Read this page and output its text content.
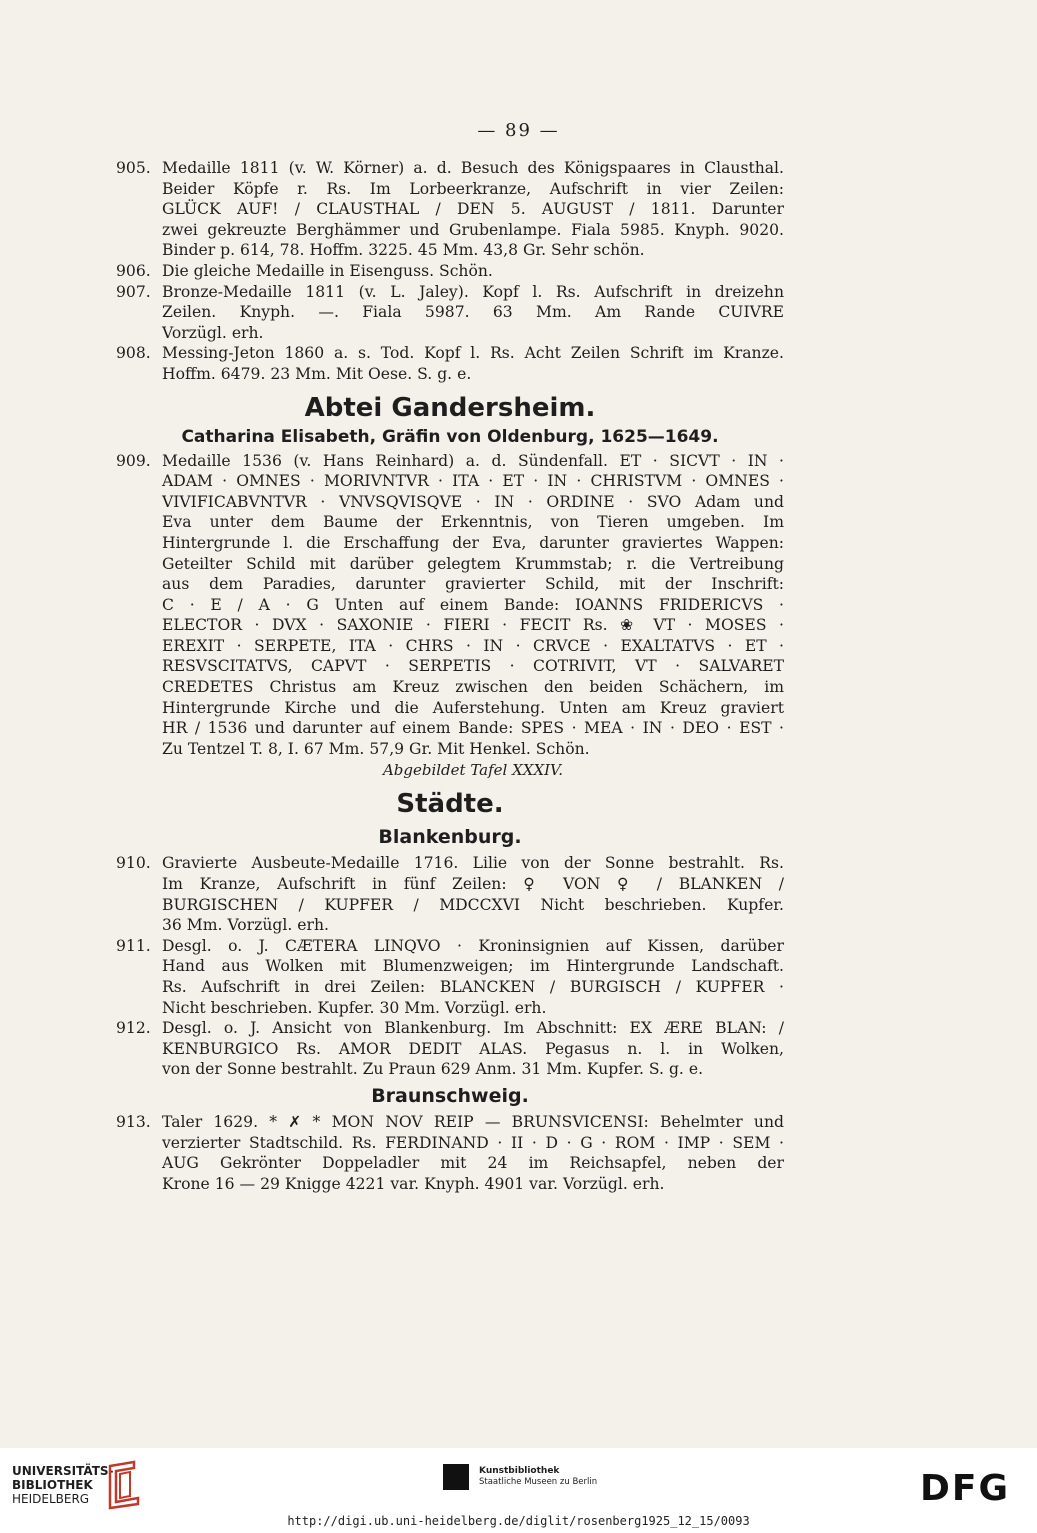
— 89 —
905. Medaille 1811 (v. W. Körner) a. d. Besuch des Königspaares in Clausthal.
Beider Köpfe r. Rs. Im Lorbeerkranze, Aufschrift in vier Zeilen:
GLÜCK AUF! / CLAUSTHAL / DEN 5. AUGUST / 1811. Darunter
zwei gekreuzte Berghämmer und Grubenlampe. Fiala 5985. Knyph. 9020.
Binder p. 614, 78. Hoffm. 3225. 45 Mm. 43,8 Gr. Sehr schön.
906. Die gleiche Medaille in Eisenguss. Schön.
907. Bronze-Medaille 1811 (v. L. Jaley). Kopf l. Rs. Aufschrift in dreizehn
Zeilen. Knyph. —. Fiala 5987. 63 Mm. Am Rande CUIVRE
Vorzügl. erh.
908. Messing-Jeton 1860 a. s. Tod. Kopf l. Rs. Acht Zeilen Schrift im Kranze.
Hoffm. 6479. 23 Mm. Mit Oese. S. g. e.
Abtei Gandersheim.
Catharina Elisabeth, Gräfin von Oldenburg, 1625—1649.
909. Medaille 1536 (v. Hans Reinhard) a. d. Sündenfall. ET · SICVT · IN ·
ADAM · OMNES · MORIVNTVR · ITA · ET · IN · CHRISTVM · OMNES ·
VIVIFICABVNTVR · VNVSQVISQVE · IN · ORDINE · SVO Adam und
Eva unter dem Baume der Erkenntnis, von Tieren umgeben. Im
Hintergrunde l. die Erschaffung der Eva, darunter graviertes Wappen:
Geteilter Schild mit darüber gelegtem Krummstab; r. die Vertreibung
aus dem Paradies, darunter gravierter Schild, mit der Inschrift:
C · E / A · G Unten auf einem Bande: IOANNS FRIDERICVS ·
ELECTOR · DVX · SAXONIE · FIERI · FECIT Rs. ❀ VT · MOSES ·
EREXIT · SERPETE, ITA · CHRS · IN · CRVCE · EXALTATVS · ET ·
RESVSCITATVS, CAPVT · SERPETIS · COTRIVIT, VT · SALVARET
CREDETES Christus am Kreuz zwischen den beiden Schächern, im
Hintergrunde Kirche und die Auferstehung. Unten am Kreuz graviert
HR / 1536 und darunter auf einem Bande: SPES · MEA · IN · DEO · EST ·
Zu Tentzel T. 8, I. 67 Mm. 57,9 Gr. Mit Henkel. Schön.
Abgebildet Tafel XXXIV.
Städte.
Blankenburg.
910. Gravierte Ausbeute-Medaille 1716. Lilie von der Sonne bestrahlt. Rs.
Im Kranze, Aufschrift in fünf Zeilen: ♀ VON ♀ / BLANKEN /
BURGISCHEN / KUPFER / MDCCXVI Nicht beschrieben. Kupfer.
36 Mm. Vorzügl. erh.
911. Desgl. o. J. CÆTERA LINQVO · Kroninsignien auf Kissen, darüber
Hand aus Wolken mit Blumenzweigen; im Hintergrunde Landschaft.
Rs. Aufschrift in drei Zeilen: BLANCKEN / BURGISCH / KUPFER ·
Nicht beschrieben. Kupfer. 30 Mm. Vorzügl. erh.
912. Desgl. o. J. Ansicht von Blankenburg. Im Abschnitt: EX ÆRE BLAN: /
KENBURGICO Rs. AMOR DEDIT ALAS. Pegasus n. l. in Wolken,
von der Sonne bestrahlt. Zu Praun 629 Anm. 31 Mm. Kupfer. S. g. e.
Braunschweig.
913. Taler 1629. * ✗ * MON NOV REIP — BRUNSVICENSI: Behelmter und
verzierter Stadtschild. Rs. FERDINAND · II · D · G · ROM · IMP · SEM ·
AUG Gekrönter Doppeladler mit 24 im Reichsapfel, neben der
Krone 16 — 29 Knigge 4221 var. Knyph. 4901 var. Vorzügl. erh.
UNIVERSITÄTS-
BIBLIOTHEK
HEIDELBERG
Kunstbibliothek
Staatliche Museen zu Berlin	DFG
http://digi.ub.uni-heidelberg.de/diglit/rosenberg1925_12_15/0093
